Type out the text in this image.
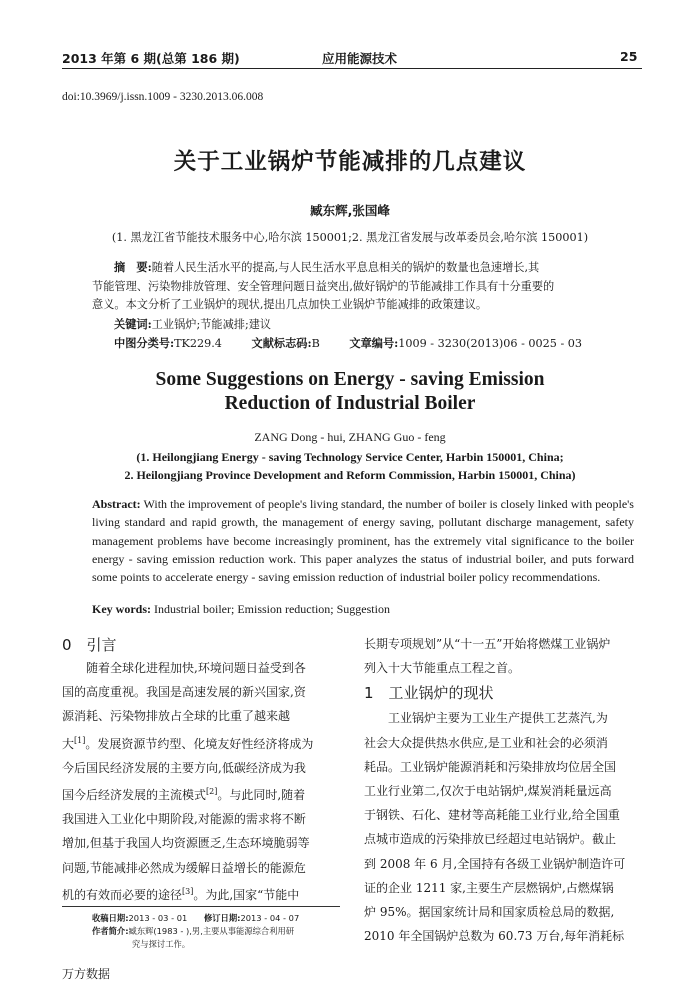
2013 年第 6 期(总第 186 期)	应用能源技术	25
doi:10.3969/j.issn.1009 - 3230.2013.06.008
关于工业锅炉节能减排的几点建议
臧东辉,张国峰
(1. 黑龙江省节能技术服务中心,哈尔滨 150001;2. 黑龙江省发展与改革委员会,哈尔滨 150001)
摘　要:随着人民生活水平的提高,与人民生活水平息息相关的锅炉的数量也急速增长,其
节能管理、污染物排放管理、安全管理问题日益突出,做好锅炉的节能减排工作具有十分重要的
意义。本文分析了工业锅炉的现状,提出几点加快工业锅炉节能减排的政策建议。
关键词:工业锅炉;节能减排;建议
中图分类号:TK229.4	文献标志码:B	文章编号:1009 - 3230(2013)06 - 0025 - 03
Some Suggestions on Energy - saving Emission
Reduction of Industrial Boiler
ZANG Dong - hui, ZHANG Guo - feng
(1. Heilongjiang Energy - saving Technology Service Center, Harbin 150001, China;
2. Heilongjiang Province Development and Reform Commission, Harbin 150001, China)
Abstract: With the improvement of people's living standard, the number of boiler is closely linked with people's living standard and rapid growth, the management of energy saving, pollutant discharge management, safety management problems have become increasingly prominent, has the extremely vital significance to the boiler energy - saving emission reduction work. This paper analyzes the status of industrial boiler, and puts forward some points to accelerate energy - saving emission reduction of industrial boiler policy recommendations.
Key words: Industrial boiler; Emission reduction; Suggestion
0　引言

随着全球化进程加快,环境问题日益受到各

国的高度重视。我国是高速发展的新兴国家,资

源消耗、污染物排放占全球的比重了越来越

大[1]。发展资源节约型、化境友好性经济将成为

今后国民经济发展的主要方向,低碳经济成为我

国今后经济发展的主流模式[2]。与此同时,随着

我国进入工业化中期阶段,对能源的需求将不断

增加,但基于我国人均资源匮乏,生态环境脆弱等

问题,节能减排必然成为缓解日益增长的能源危

机的有效而必要的途径[3]。为此,国家“节能中

收稿日期:2013 - 03 - 01 修订日期:2013 - 04 - 07
作者简介:臧东辉(1983 - ),男,主要从事能源综合利用研
究与探讨工作。

长期专项规划”从“十一五”开始将燃煤工业锅炉

列入十大节能重点工程之首。

1　工业锅炉的现状

工业锅炉主要为工业生产提供工艺蒸汽,为

社会大众提供热水供应,是工业和社会的必须消

耗品。工业锅炉能源消耗和污染排放均位居全国

工业行业第二,仅次于电站锅炉,煤炭消耗量远高

于钢铁、石化、建材等高耗能工业行业,给全国重

点城市造成的污染排放已经超过电站锅炉。截止

到 2008 年 6 月,全国持有各级工业锅炉制造许可

证的企业 1211 家,主要生产层燃锅炉,占燃煤锅

炉 95%。据国家统计局和国家质检总局的数据,

2010 年全国锅炉总数为 60.73 万台,每年消耗标

万方数据
